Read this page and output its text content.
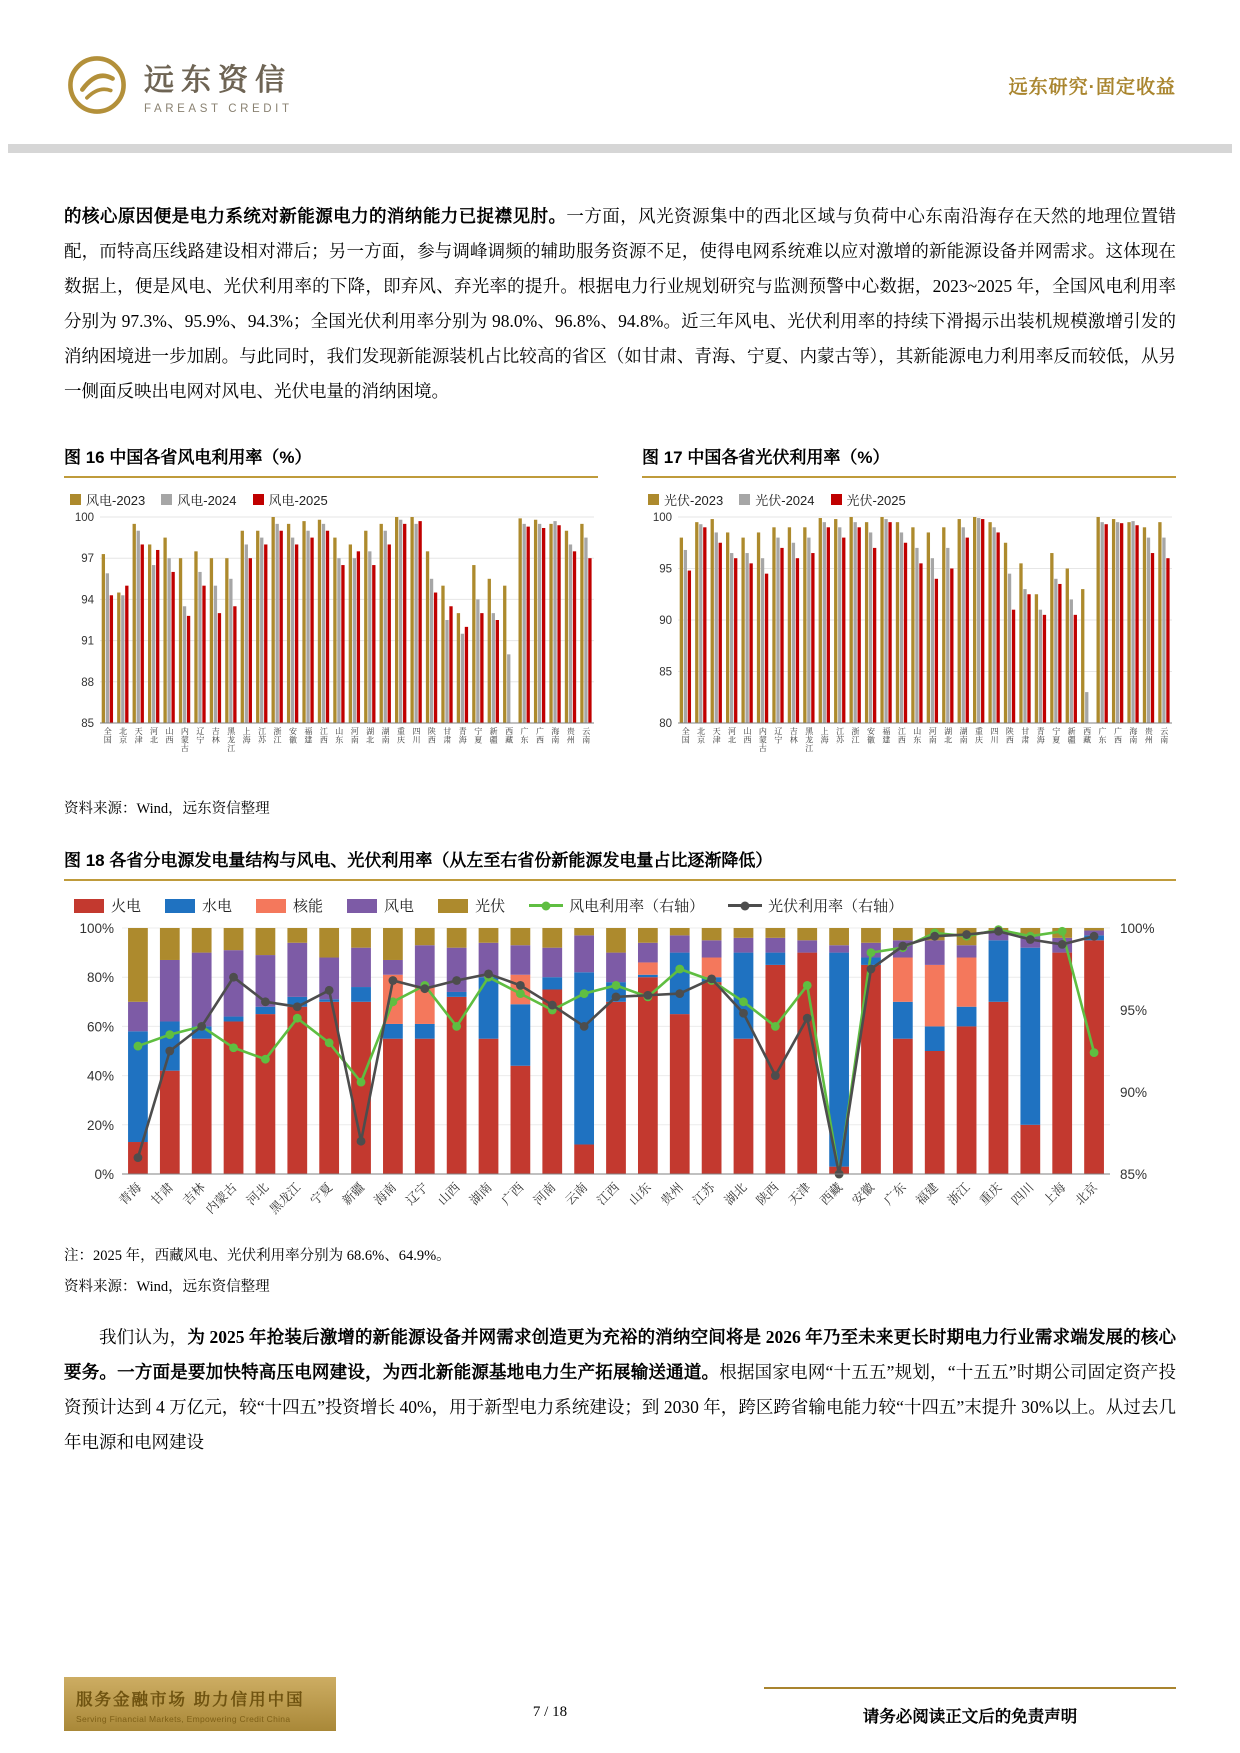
远东资信
FAREAST CREDIT
远东研究·固定收益

的核心原因便是电力系统对新能源电力的消纳能力已捉襟见肘。一方面，风光资源集中的西北区域与负荷中心东南沿海存在天然的地理位置错配，而特高压线路建设相对滞后；另一方面，参与调峰调频的辅助服务资源不足，使得电网系统难以应对激增的新能源设备并网需求。这体现在数据上，便是风电、光伏利用率的下降，即弃风、弃光率的提升。根据电力行业规划研究与监测预警中心数据，2023~2025 年，全国风电利用率分别为 97.3%、95.9%、94.3%；全国光伏利用率分别为 98.0%、96.8%、94.8%。近三年风电、光伏利用率的持续下滑揭示出装机规模激增引发的消纳困境进一步加剧。与此同时，我们发现新能源装机占比较高的省区（如甘肃、青海、宁夏、内蒙古等），其新能源电力利用率反而较低，从另一侧面反映出电网对风电、光伏电量的消纳困境。

图 16 中国各省风电利用率（%）
风电-2023 风电-2024 风电-2025
85
88
91
94
97
100
全
国
北
京
天
津
河
北
山
西
内
蒙
古
辽
宁
吉
林
黑
龙
江
上
海
江
苏
浙
江
安
徽
福
建
江
西
山
东
河
南
湖
北
湖
南
重
庆
四
川
陕
西
甘
肃
青
海
宁
夏
新
疆
西
藏
广
东
广
西
海
南
贵
州
云
南
图 17 中国各省光伏利用率（%）
光伏-2023 光伏-2024 光伏-2025
80
85
90
95
100
全
国
北
京
天
津
河
北
山
西
内
蒙
古
辽
宁
吉
林
黑
龙
江
上
海
江
苏
浙
江
安
徽
福
建
江
西
山
东
河
南
湖
北
湖
南
重
庆
四
川
陕
西
甘
肃
青
海
宁
夏
新
疆
西
藏
广
东
广
西
海
南
贵
州
云
南
资料来源：Wind，远东资信整理
图 18 各省分电源发电量结构与风电、光伏利用率（从左至右省份新能源发电量占比逐渐降低）
火电	水电	核能	风电	光伏	风电利用率（右轴）	光伏利用率（右轴）
0%
20%
40%
60%
80%
100%
85%
90%
95%
100%
青海 甘肃 吉林
内蒙古 河北
黑龙江 宁夏 新疆 海南 辽宁 山西 湖南 广西 河南 云南 江西 山东 贵州 江苏 湖北 陕西 天津 西藏 安徽 广东 福建 浙江 重庆 四川 上海 北京
注：2025 年，西藏风电、光伏利用率分别为 68.6%、64.9%。
资料来源：Wind，远东资信整理

我们认为，为 2025 年抢装后激增的新能源设备并网需求创造更为充裕的消纳空间将是 2026 年乃至未来更长时期电力行业需求端发展的核心要务。一方面是要加快特高压电网建设，为西北新能源基地电力生产拓展输送通道。根据国家电网“十五五”规划，“十五五”时期公司固定资产投资预计达到 4 万亿元，较“十四五”投资增长 40%，用于新型电力系统建设；到 2030 年，跨区跨省输电能力较“十四五”末提升 30%以上。从过去几年电源和电网建设

服务金融市场 助力信用中国
Serving Financial Markets, Empowering Credit China	7 / 18	请务必阅读正文后的免责声明
